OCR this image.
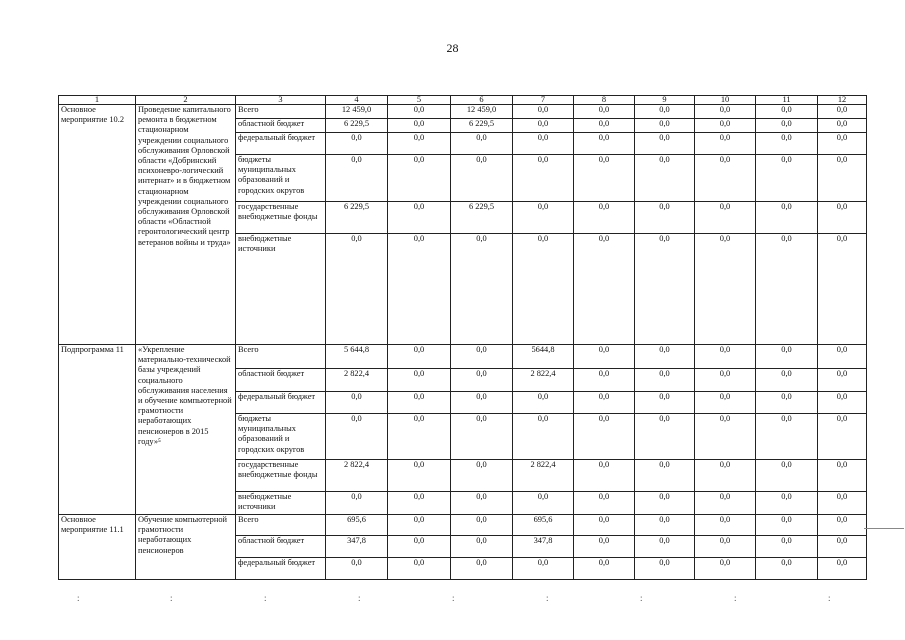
28
1	2	3	4	5	6	7	8	9	10	11	12
Основное мероприятие 10.2	Проведение капитального ремонта в бюджетном стационарном учреждении социального обслуживания Орловской области «Добринский психоневро-логический интернат» и в бюджетном стационарном учреждении социального обслуживания Орловской области «Областной геронтологический центр ветеранов войны и труда»	Всего	12 459,0	0,0	12 459,0	0,0	0,0	0,0	0,0	0,0	0,0
		областной бюджет	6 229,5	0,0	6 229,5	0,0	0,0	0,0	0,0	0,0	0,0
		федеральный бюджет	0,0	0,0	0,0	0,0	0,0	0,0	0,0	0,0	0,0
		бюджеты муниципальных образований и городских округов	0,0	0,0	0,0	0,0	0,0	0,0	0,0	0,0	0,0
		государственные внебюджетные фонды	6 229,5	0,0	6 229,5	0,0	0,0	0,0	0,0	0,0	0,0
		внебюджетные источники	0,0	0,0	0,0	0,0	0,0	0,0	0,0	0,0	0,0
Подпрограмма 11	«Укрепление материально-технической базы учреждений социального обслуживания населения и обучение компьютерной грамотности неработающих пенсионеров в 2015 году»⁵	Всего	5 644,8	0,0	0,0	5644,8	0,0	0,0	0,0	0,0	0,0
		областной бюджет	2 822,4	0,0	0,0	2 822,4	0,0	0,0	0,0	0,0	0,0
		федеральный бюджет	0,0	0,0	0,0	0,0	0,0	0,0	0,0	0,0	0,0
		бюджеты муниципальных образований и городских округов	0,0	0,0	0,0	0,0	0,0	0,0	0,0	0,0	0,0
		государственные внебюджетные фонды	2 822,4	0,0	0,0	2 822,4	0,0	0,0	0,0	0,0	0,0
		внебюджетные источники	0,0	0,0	0,0	0,0	0,0	0,0	0,0	0,0	0,0
Основное мероприятие 11.1	Обучение компьютерной грамотности неработающих пенсионеров	Всего	695,6	0,0	0,0	695,6	0,0	0,0	0,0	0,0	0,0
		областной бюджет	347,8	0,0	0,0	347,8	0,0	0,0	0,0	0,0	0,0
		федеральный бюджет	0,0	0,0	0,0	0,0	0,0	0,0	0,0	0,0	0,0
:	:	:	:	:	:	:	:	:
